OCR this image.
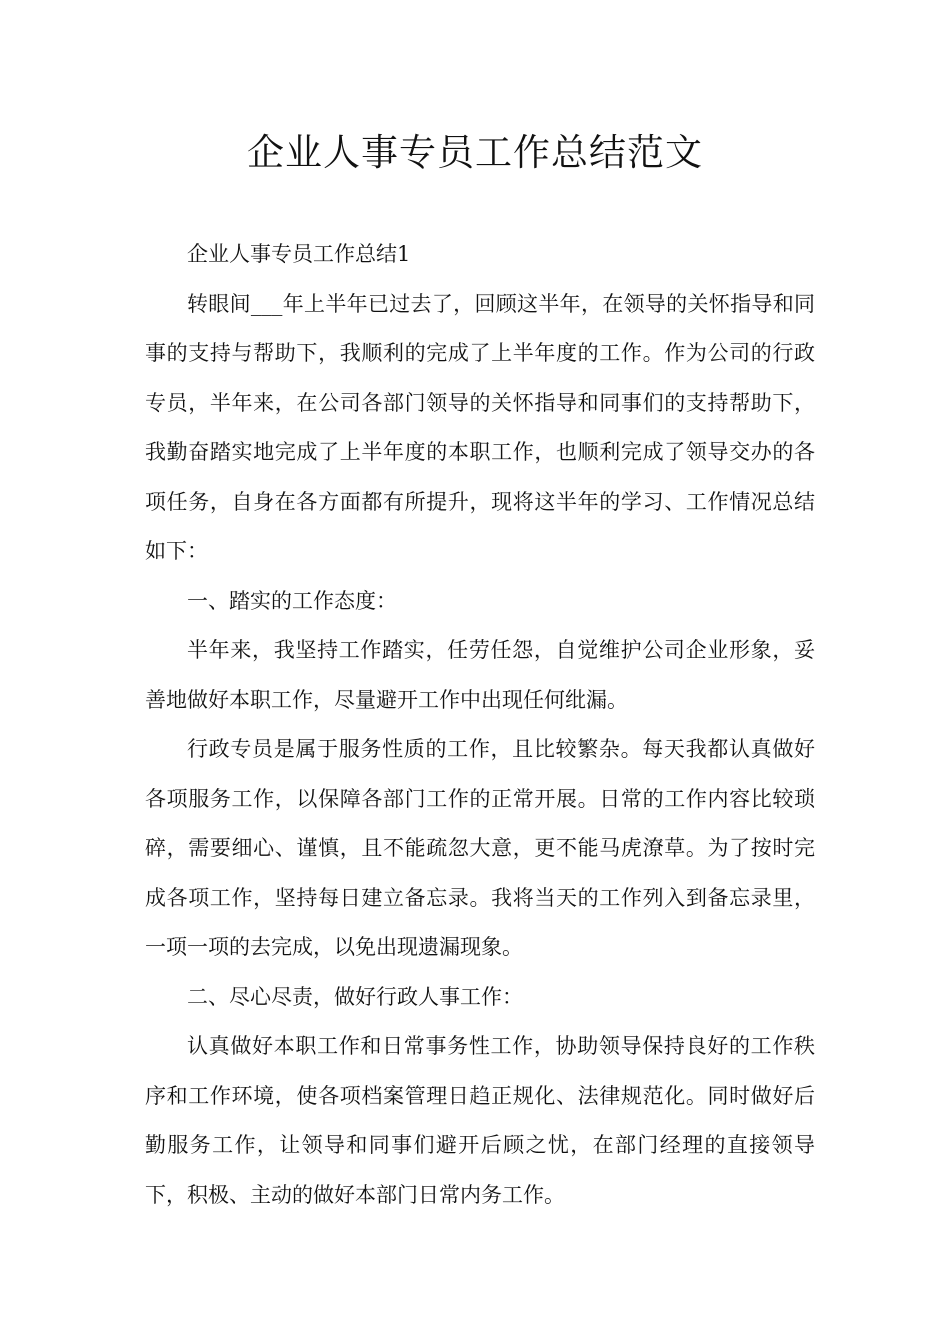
企业人事专员工作总结范文

企业人事专员工作总结1

转眼间___年上半年已过去了，回顾这半年，在领导的关怀指导和同事的支持与帮助下，我顺利的完成了上半年度的工作。作为公司的行政专员，半年来，在公司各部门领导的关怀指导和同事们的支持帮助下，我勤奋踏实地完成了上半年度的本职工作，也顺利完成了领导交办的各项任务，自身在各方面都有所提升，现将这半年的学习、工作情况总结如下：

一、踏实的工作态度：

半年来，我坚持工作踏实，任劳任怨，自觉维护公司企业形象，妥善地做好本职工作，尽量避开工作中出现任何纰漏。

行政专员是属于服务性质的工作，且比较繁杂。每天我都认真做好各项服务工作，以保障各部门工作的正常开展。日常的工作内容比较琐碎，需要细心、谨慎，且不能疏忽大意，更不能马虎潦草。为了按时完成各项工作，坚持每日建立备忘录。我将当天的工作列入到备忘录里，一项一项的去完成，以免出现遗漏现象。

二、尽心尽责，做好行政人事工作：

认真做好本职工作和日常事务性工作，协助领导保持良好的工作秩序和工作环境，使各项档案管理日趋正规化、法律规范化。同时做好后勤服务工作，让领导和同事们避开后顾之忧，在部门经理的直接领导下，积极、主动的做好本部门日常内务工作。
